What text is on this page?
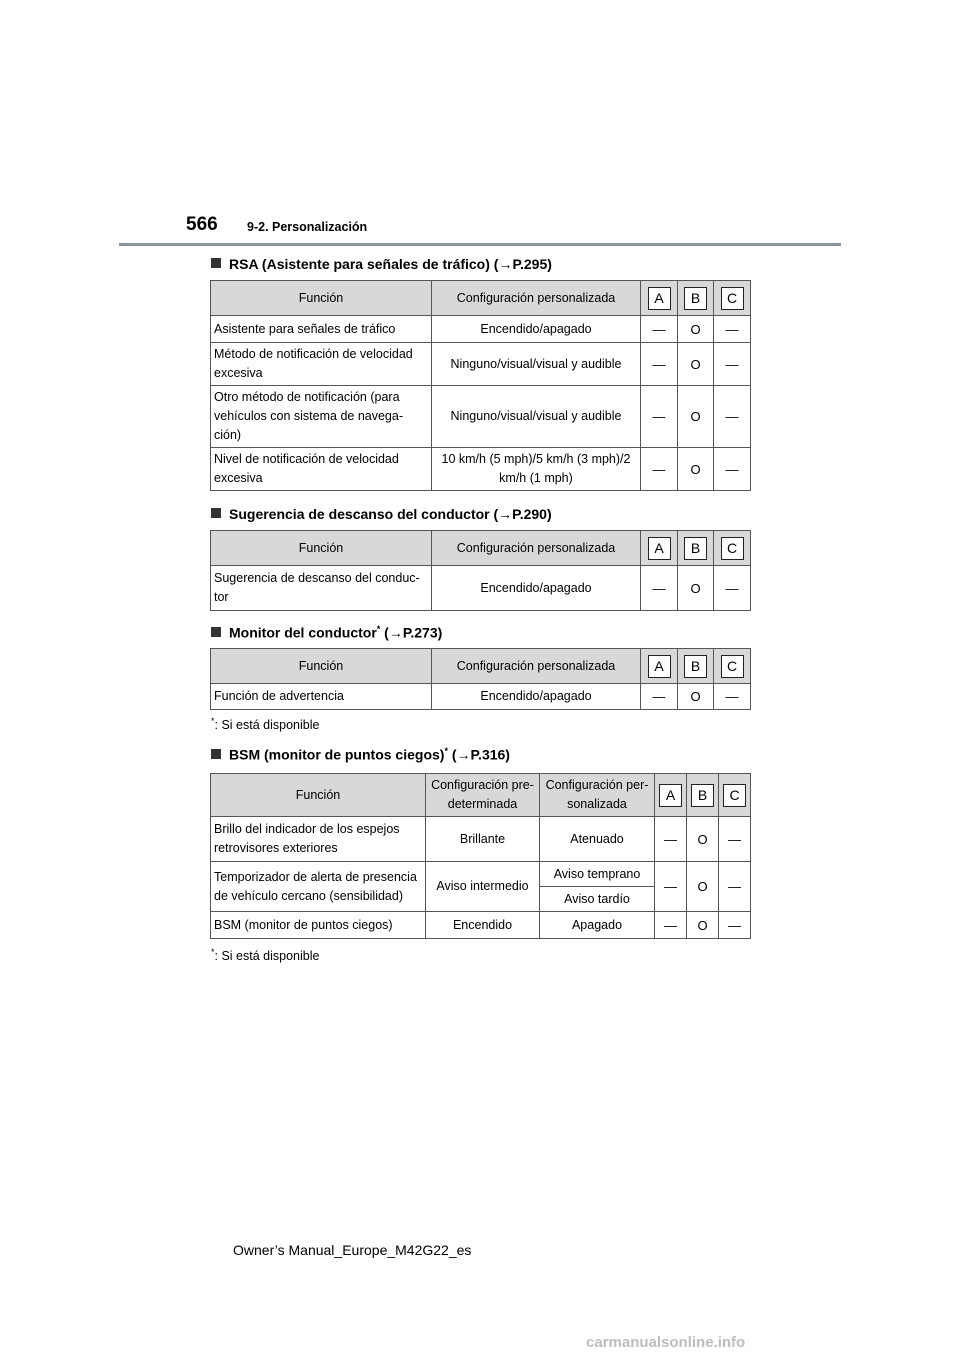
566 9-2. Personalización
RSA (Asistente para señales de tráfico) (→P.295)
Función	Configuración personalizada	A	B	C
Asistente para señales de tráfico	Encendido/apagado	—	O	—
Método de notificación de velocidad excesiva	Ninguno/visual/visual y audible	—	O	—
Otro método de notificación (para vehículos con sistema de navega-ción)	Ninguno/visual/visual y audible	—	O	—
Nivel de notificación de velocidad excesiva	10 km/h (5 mph)/5 km/h (3 mph)/2 km/h (1 mph)	—	O	—
Sugerencia de descanso del conductor (→P.290)
Función	Configuración personalizada	A	B	C
Sugerencia de descanso del conduc-tor	Encendido/apagado	—	O	—
Monitor del conductor* (→P.273)
Función	Configuración personalizada	A	B	C
Función de advertencia	Encendido/apagado	—	O	—
*: Si está disponible
BSM (monitor de puntos ciegos)* (→P.316)
Función	Configuración pre-determinada	Configuración per-sonalizada	A	B	C
Brillo del indicador de los espejos retrovisores exteriores	Brillante	Atenuado	—	O	—
Temporizador de alerta de presencia de vehículo cercano (sensibilidad)	Aviso intermedio	Aviso temprano	—	O	—
		Aviso tardío			
BSM (monitor de puntos ciegos)	Encendido	Apagado	—	O	—
*: Si está disponible
Owner’s Manual_Europe_M42G22_es
carmanualsonline.info
